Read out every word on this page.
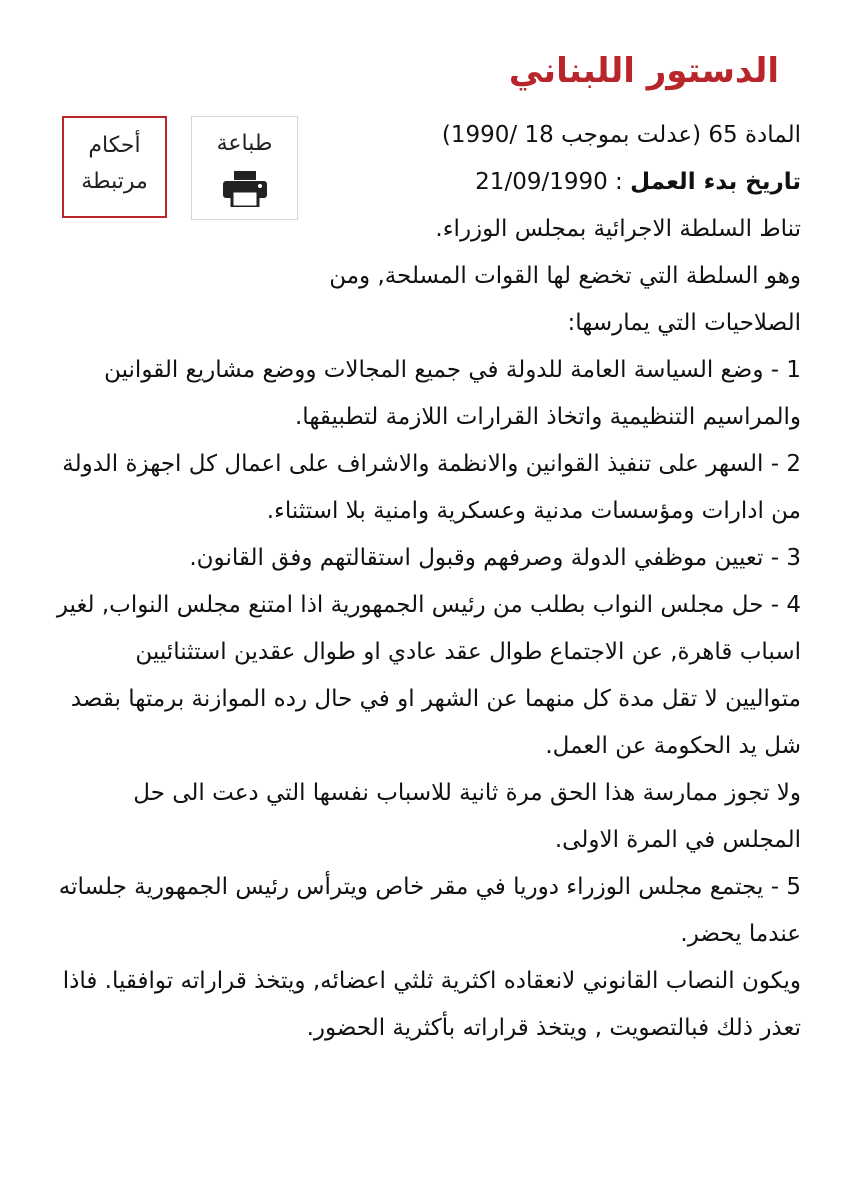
الدستور اللبناني
أحكام
مرتبطة
طباعة	المادة 65 (عدلت بموجب 18 /1990)

تاريخ بدء العمل : 21/09/1990

تناط السلطة الاجرائية بمجلس الوزراء.

وهو السلطة التي تخضع لها القوات المسلحة, ومن الصلاحيات التي يمارسها:

1 - وضع السياسة العامة للدولة في جميع المجالات ووضع مشاريع القوانين والمراسيم التنظيمية واتخاذ القرارات اللازمة لتطبيقها.

2 - السهر على تنفيذ القوانين والانظمة والاشراف على اعمال كل اجهزة الدولة من ادارات ومؤسسات مدنية وعسكرية وامنية بلا استثناء.

3 - تعيين موظفي الدولة وصرفهم وقبول استقالتهم وفق القانون.

4 - حل مجلس النواب بطلب من رئيس الجمهورية اذا امتنع مجلس النواب, لغير اسباب قاهرة, عن الاجتماع طوال عقد عادي او طوال عقدين استثنائيين متواليين لا تقل مدة كل منهما عن الشهر او في حال رده الموازنة برمتها بقصد شل يد الحكومة عن العمل.

ولا تجوز ممارسة هذا الحق مرة ثانية للاسباب نفسها التي دعت الى حل المجلس في المرة الاولى.

5 - يجتمع مجلس الوزراء دوريا في مقر خاص ويترأس رئيس الجمهورية جلساته عندما يحضر.

ويكون النصاب القانوني لانعقاده اكثرية ثلثي اعضائه, ويتخذ قراراته توافقيا. فاذا تعذر ذلك فبالتصويت , ويتخذ قراراته بأكثرية الحضور.
